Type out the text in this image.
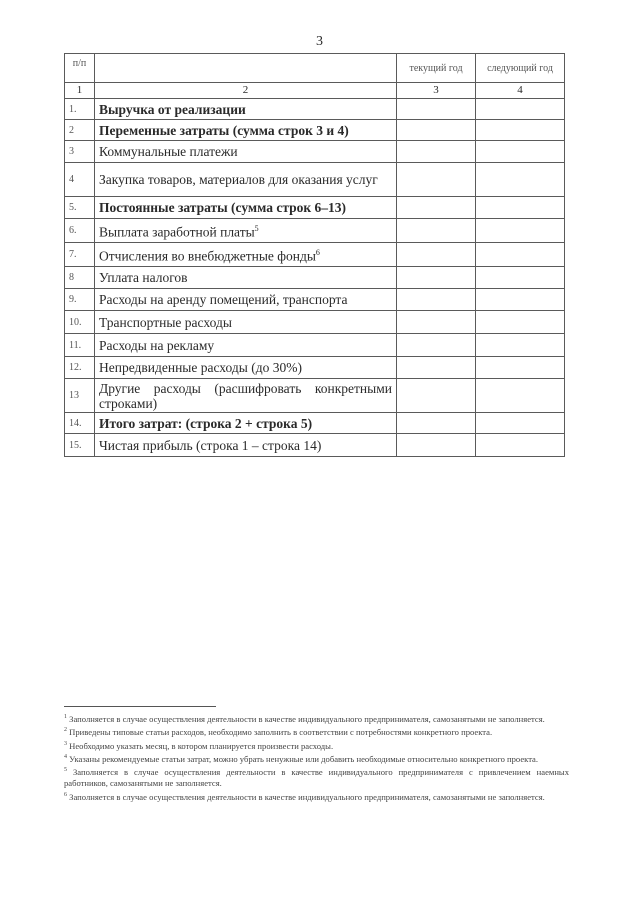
3
п/п		текущий год	следующий год
1	2	3	4
1.	Выручка от реализации		
2	Переменные затраты (сумма строк 3 и 4)		
3	Коммунальные платежи		
4	Закупка товаров, материалов для оказания услуг		
5.	Постоянные затраты (сумма строк 6–13)		
6.	Выплата заработной платы$^5$		
7.	Отчисления во внебюджетные фонды$^6$		
8	Уплата налогов		
9.	Расходы на аренду помещений, транспорта		
10.	Транспортные расходы		
11.	Расходы на рекламу		
12.	Непредвиденные расходы (до 30%)		
13	Другие расходы (расшифровать конкретными строками)		
14.	Итого затрат: (строка 2 + строка 5)		
15.	Чистая прибыль (строка 1 – строка 14)		
$^1$ Заполняется в случае осуществления деятельности в качестве индивидуального предпринимателя, самозанятыми не заполняется.
$^2$ Приведены типовые статьи расходов, необходимо заполнить в соответствии с потребностями конкретного проекта.
$^3$ Необходимо указать месяц, в котором планируется произвести расходы.
$^4$ Указаны рекомендуемые статьи затрат, можно убрать ненужные или добавить необходимые относительно конкретного проекта.
$^5$ Заполняется в случае осуществления деятельности в качестве индивидуального предпринимателя с привлечением наемных работников, самозанятыми не заполняется.
$^6$ Заполняется в случае осуществления деятельности в качестве индивидуального предпринимателя, самозанятыми не заполняется.
